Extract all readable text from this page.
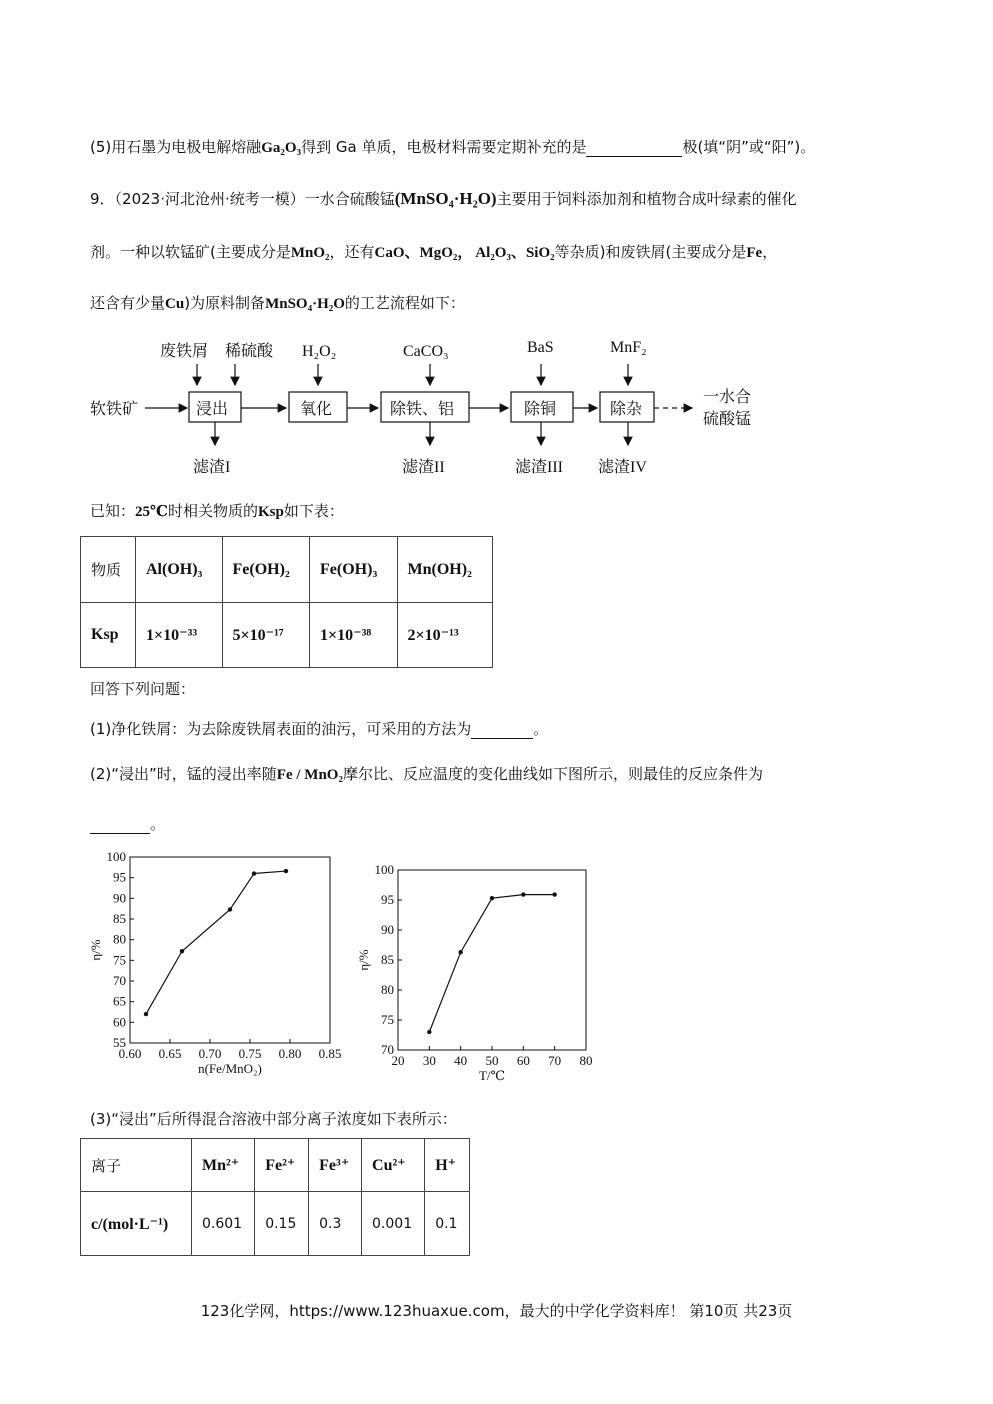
(5)用石墨为电极电解熔融Ga₂O₃得到 Ga 单质，电极材料需要定期补充的是	极(填“阴”或“阳”)。
9．（2023·河北沧州·统考一模）一水合硫酸锰(MnSO₄·H₂O)主要用于饲料添加剂和植物合成叶绿素的催化
剂。一种以软锰矿(主要成分是MnO₂，还有CaO、MgO₂， Al₂O₃、SiO₂等杂质)和废铁屑(主要成分是Fe，
还含有少量Cu)为原料制备MnSO₄·H₂O的工艺流程如下：
软铁矿
废铁屑 稀硫酸
浸出
滤渣I
H₂O₂
氧化
CaCO₃
除铁、铝
滤渣II
BaS
除铜
滤渣III
MnF₂
除杂
滤渣IV
一水合
硫酸锰
已知：25℃时相关物质的Ksp如下表：
物质	Al(OH)₃	Fe(OH)₂	Fe(OH)₃	Mn(OH)₂
Ksp	1×10⁻³³	5×10⁻¹⁷	1×10⁻³⁸	2×10⁻¹³
回答下列问题：
(1)净化铁屑：为去除废铁屑表面的油污，可采用的方法为	。
(2)“浸出”时，锰的浸出率随Fe / MnO₂摩尔比、反应温度的变化曲线如下图所示，则最佳的反应条件为
。
0.60 0.65 0.70 0.75 0.80 0.85
55
60
65
70
75
80
85
90
95
100
n(Fe/MnO₂)
η/%
20 30 40 50 60 70 80
70
75
80
85
90
95
100
T/℃
η/%
(3)“浸出”后所得混合溶液中部分离子浓度如下表所示：
离子	Mn²⁺	Fe²⁺	Fe³⁺	Cu²⁺	H⁺
c/(mol·L⁻¹)	0.601	0.15	0.3	0.001	0.1
123化学网，https://www.123huaxue.com，最大的中学化学资料库！ 第10页 共23页
